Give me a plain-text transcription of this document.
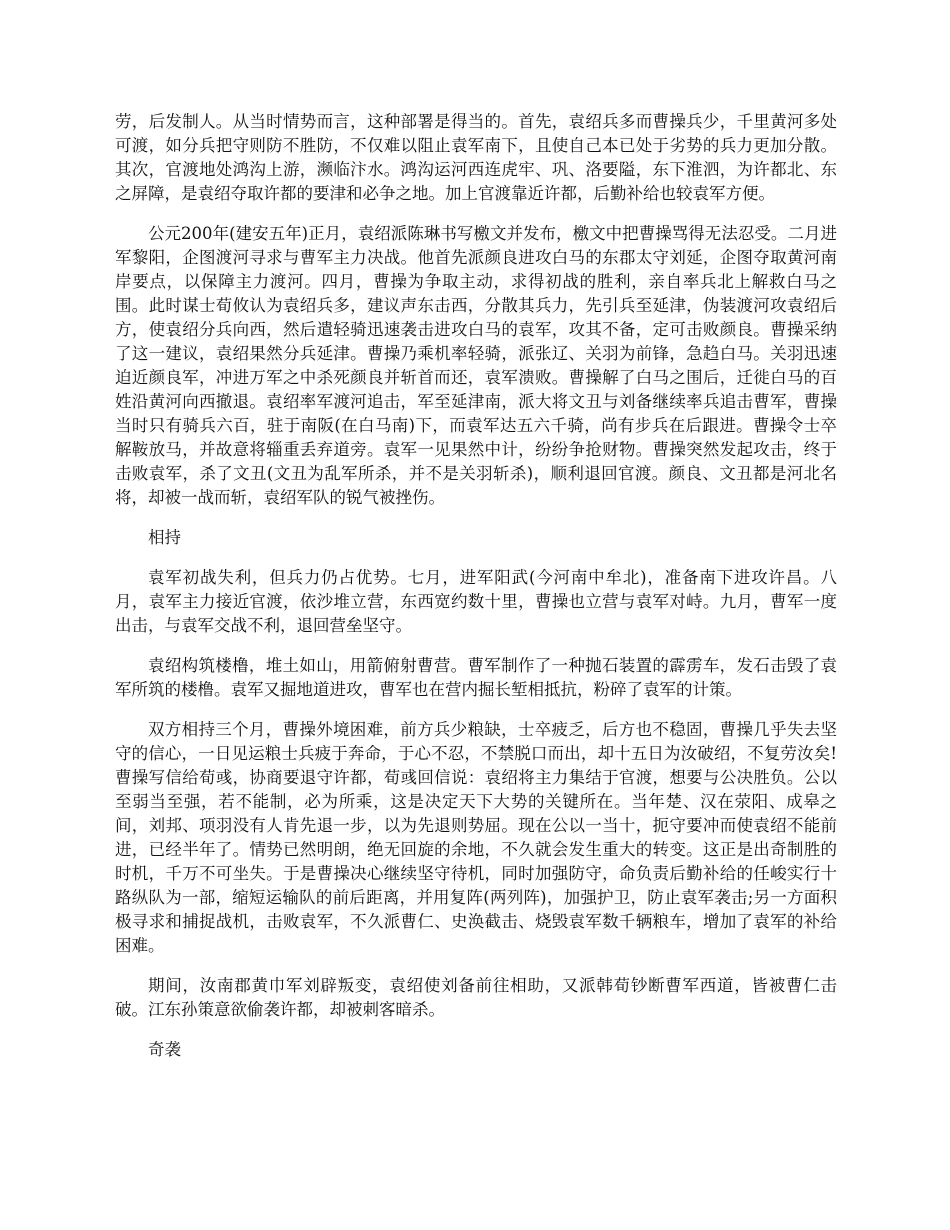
劳，后发制人。从当时情势而言，这种部署是得当的。首先，袁绍兵多而曹操兵少，千里黄河多处可渡，如分兵把守则防不胜防，不仅难以阻止袁军南下，且使自己本已处于劣势的兵力更加分散。其次，官渡地处鸿沟上游，濒临汴水。鸿沟运河西连虎牢、巩、洛要隘，东下淮泗，为许都北、东之屏障，是袁绍夺取许都的要津和必争之地。加上官渡靠近许都，后勤补给也较袁军方便。

公元200年(建安五年)正月，袁绍派陈琳书写檄文并发布，檄文中把曹操骂得无法忍受。二月进军黎阳，企图渡河寻求与曹军主力决战。他首先派颜良进攻白马的东郡太守刘延，企图夺取黄河南岸要点，以保障主力渡河。四月，曹操为争取主动，求得初战的胜利，亲自率兵北上解救白马之围。此时谋士荀攸认为袁绍兵多，建议声东击西，分散其兵力，先引兵至延津，伪装渡河攻袁绍后方，使袁绍分兵向西，然后遣轻骑迅速袭击进攻白马的袁军，攻其不备，定可击败颜良。曹操采纳了这一建议，袁绍果然分兵延津。曹操乃乘机率轻骑，派张辽、关羽为前锋，急趋白马。关羽迅速迫近颜良军，冲进万军之中杀死颜良并斩首而还，袁军溃败。曹操解了白马之围后，迁徙白马的百姓沿黄河向西撤退。袁绍率军渡河追击，军至延津南，派大将文丑与刘备继续率兵追击曹军，曹操当时只有骑兵六百，驻于南阪(在白马南)下，而袁军达五六千骑，尚有步兵在后跟进。曹操令士卒解鞍放马，并故意将辎重丢弃道旁。袁军一见果然中计，纷纷争抢财物。曹操突然发起攻击，终于击败袁军，杀了文丑(文丑为乱军所杀，并不是关羽斩杀)，顺利退回官渡。颜良、文丑都是河北名将，却被一战而斩，袁绍军队的锐气被挫伤。

相持

袁军初战失利，但兵力仍占优势。七月，进军阳武(今河南中牟北)，准备南下进攻许昌。八月，袁军主力接近官渡，依沙堆立营，东西宽约数十里，曹操也立营与袁军对峙。九月，曹军一度出击，与袁军交战不利，退回营垒坚守。

袁绍构筑楼橹，堆土如山，用箭俯射曹营。曹军制作了一种抛石装置的霹雳车，发石击毁了袁军所筑的楼橹。袁军又掘地道进攻，曹军也在营内掘长堑相抵抗，粉碎了袁军的计策。

双方相持三个月，曹操外境困难，前方兵少粮缺，士卒疲乏，后方也不稳固，曹操几乎失去坚守的信心，一日见运粮士兵疲于奔命，于心不忍，不禁脱口而出，却十五日为汝破绍，不复劳汝矣!曹操写信给荀彧，协商要退守许都，荀彧回信说：袁绍将主力集结于官渡，想要与公决胜负。公以至弱当至强，若不能制，必为所乘，这是决定天下大势的关键所在。当年楚、汉在荥阳、成皋之间，刘邦、项羽没有人肯先退一步，以为先退则势屈。现在公以一当十，扼守要冲而使袁绍不能前进，已经半年了。情势已然明朗，绝无回旋的余地，不久就会发生重大的转变。这正是出奇制胜的时机，千万不可坐失。于是曹操决心继续坚守待机，同时加强防守，命负责后勤补给的任峻实行十路纵队为一部，缩短运输队的前后距离，并用复阵(两列阵)，加强护卫，防止袁军袭击;另一方面积极寻求和捕捉战机，击败袁军，不久派曹仁、史涣截击、烧毁袁军数千辆粮车，增加了袁军的补给困难。

期间，汝南郡黄巾军刘辟叛变，袁绍使刘备前往相助，又派韩荀钞断曹军西道，皆被曹仁击破。江东孙策意欲偷袭许都，却被刺客暗杀。

奇袭
